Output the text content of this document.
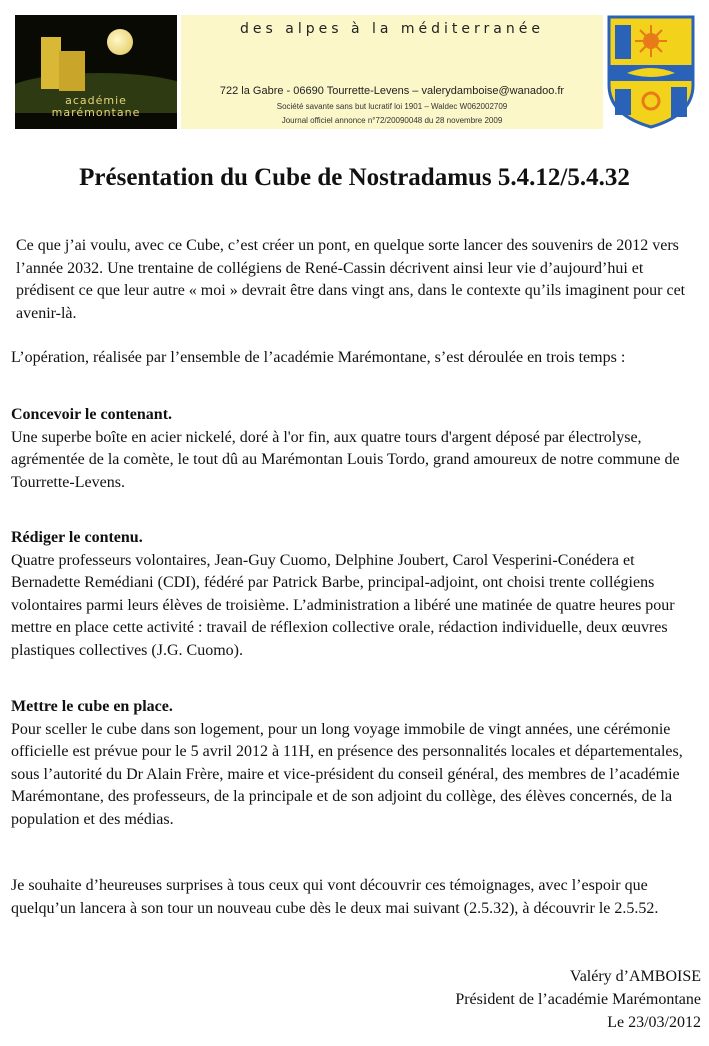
académie
marémontane
des alpes à la méditerranée
722 la Gabre - 06690 Tourrette-Levens – valerydamboise@wanadoo.fr
Société savante sans but lucratif loi 1901 – Waldec W062002709
Journal officiel annonce n°72/20090048 du 28 novembre 2009
Présentation du Cube de Nostradamus 5.4.12/5.4.32

Ce que j’ai voulu, avec ce Cube, c’est créer un pont, en quelque sorte lancer des souvenirs de 2012 vers l’année 2032. Une trentaine de collégiens de René-Cassin décrivent ainsi leur vie d’aujourd’hui et prédisent ce que leur autre « moi » devrait être dans vingt ans, dans le contexte qu’ils imaginent pour cet avenir-là.

L’opération, réalisée par l’ensemble de l’académie Marémontane, s’est déroulée en trois temps :

Concevoir le contenant.
Une superbe boîte en acier nickelé, doré à l'or fin, aux quatre tours d'argent déposé par électrolyse, agrémentée de la comète, le tout dû au Marémontan Louis Tordo, grand amoureux de notre commune de Tourrette-Levens.
Rédiger le contenu.
Quatre professeurs volontaires, Jean-Guy Cuomo, Delphine Joubert, Carol Vesperini-Conédera et Bernadette Remédiani (CDI), fédéré par Patrick Barbe, principal-adjoint, ont choisi trente collégiens volontaires parmi leurs élèves de troisième. L’administration a libéré une matinée de quatre heures pour mettre en place cette activité : travail de réflexion collective orale, rédaction individuelle, deux œuvres plastiques collectives (J.G. Cuomo).
Mettre le cube en place.
Pour sceller le cube dans son logement, pour un long voyage immobile de vingt années, une cérémonie officielle est prévue pour le 5 avril 2012 à 11H, en présence des personnalités locales et départementales, sous l’autorité du Dr Alain Frère, maire et vice-président du conseil général, des membres de l’académie Marémontane, des professeurs, de la principale et de son adjoint du collège, des élèves concernés, de la population et des médias.

Je souhaite d’heureuses surprises à tous ceux qui vont découvrir ces témoignages, avec l’espoir que quelqu’un lancera à son tour un nouveau cube dès le deux mai suivant (2.5.32), à découvrir le 2.5.52.

Valéry d’AMBOISE
Président de l’académie Marémontane
Le 23/03/2012
